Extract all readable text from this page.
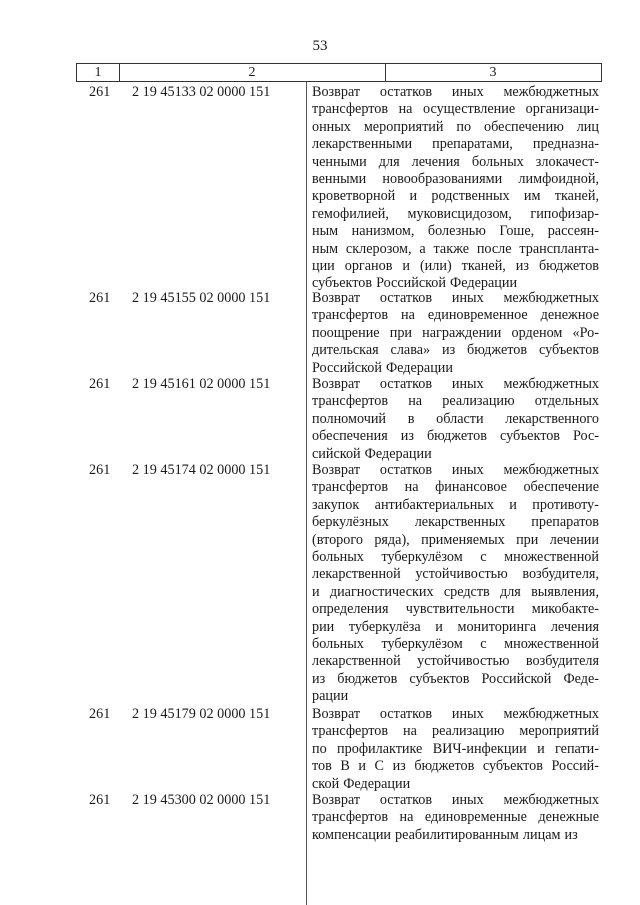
53
1	2	3
261 2 19 45133 02 0000 151	Возврат остатков иных межбюджетных
трансфертов на осуществление организаци-
онных мероприятий по обеспечению лиц
лекарственными препаратами, предназна-
ченными для лечения больных злокачест-
венными новообразованиями лимфоидной,
кроветворной и родственных им тканей,
гемофилией, муковисцидозом, гипофизар-
ным нанизмом, болезнью Гоше, рассеян-
ным склерозом, а также после транспланта-
ции органов и (или) тканей, из бюджетов
субъектов Российской Федерации
261 2 19 45155 02 0000 151	Возврат остатков иных межбюджетных
трансфертов на единовременное денежное
поощрение при награждении орденом «Ро-
дительская слава» из бюджетов субъектов
Российской Федерации
261 2 19 45161 02 0000 151	Возврат остатков иных межбюджетных
трансфертов на реализацию отдельных
полномочий в области лекарственного
обеспечения из бюджетов субъектов Рос-
сийской Федерации
261 2 19 45174 02 0000 151	Возврат остатков иных межбюджетных
трансфертов на финансовое обеспечение
закупок антибактериальных и противоту-
беркулёзных лекарственных препаратов
(второго ряда), применяемых при лечении
больных туберкулёзом с множественной
лекарственной устойчивостью возбудителя,
и диагностических средств для выявления,
определения чувствительности микобакте-
рии туберкулёза и мониторинга лечения
больных туберкулёзом с множественной
лекарственной устойчивостью возбудителя
из бюджетов субъектов Российской Феде-
рации
261 2 19 45179 02 0000 151	Возврат остатков иных межбюджетных
трансфертов на реализацию мероприятий
по профилактике ВИЧ-инфекции и гепати-
тов В и С из бюджетов субъектов Россий-
ской Федерации
261 2 19 45300 02 0000 151	Возврат остатков иных межбюджетных
трансфертов на единовременные денежные
компенсации реабилитированным лицам из
